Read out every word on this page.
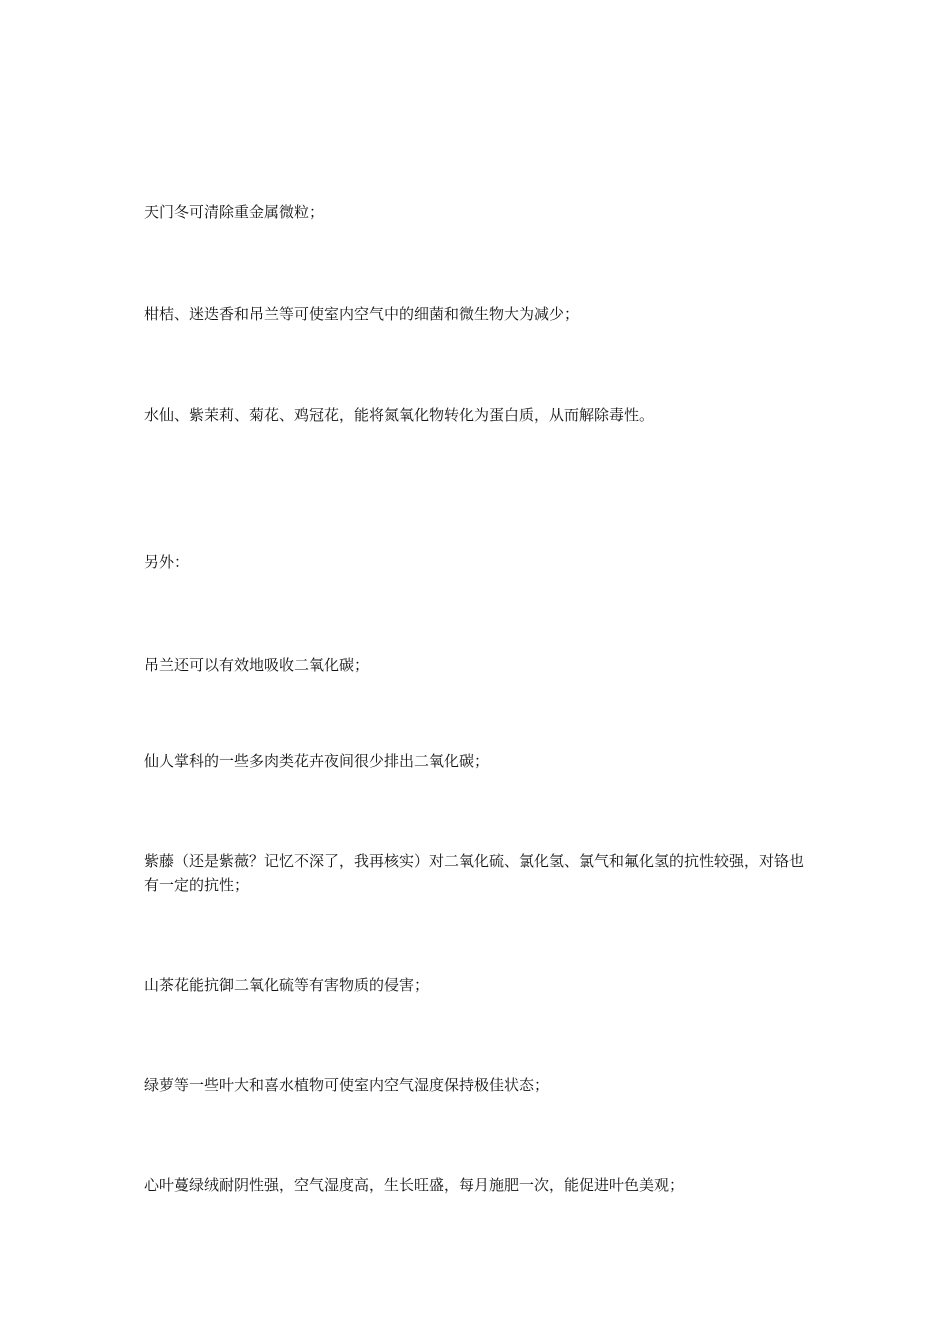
天门冬可清除重金属微粒；

柑桔、迷迭香和吊兰等可使室内空气中的细菌和微生物大为减少；

水仙、紫茉莉、菊花、鸡冠花，能将氮氧化物转化为蛋白质，从而解除毒性。

另外：

吊兰还可以有效地吸收二氧化碳；

仙人掌科的一些多肉类花卉夜间很少排出二氧化碳；

紫藤（还是紫薇？记忆不深了，我再核实）对二氧化硫、氯化氢、氯气和氟化氢的抗性较强，对铬也有一定的抗性；

山茶花能抗御二氧化硫等有害物质的侵害；

绿萝等一些叶大和喜水植物可使室内空气湿度保持极佳状态；

心叶蔓绿绒耐阴性强，空气湿度高，生长旺盛，每月施肥一次，能促进叶色美观；
